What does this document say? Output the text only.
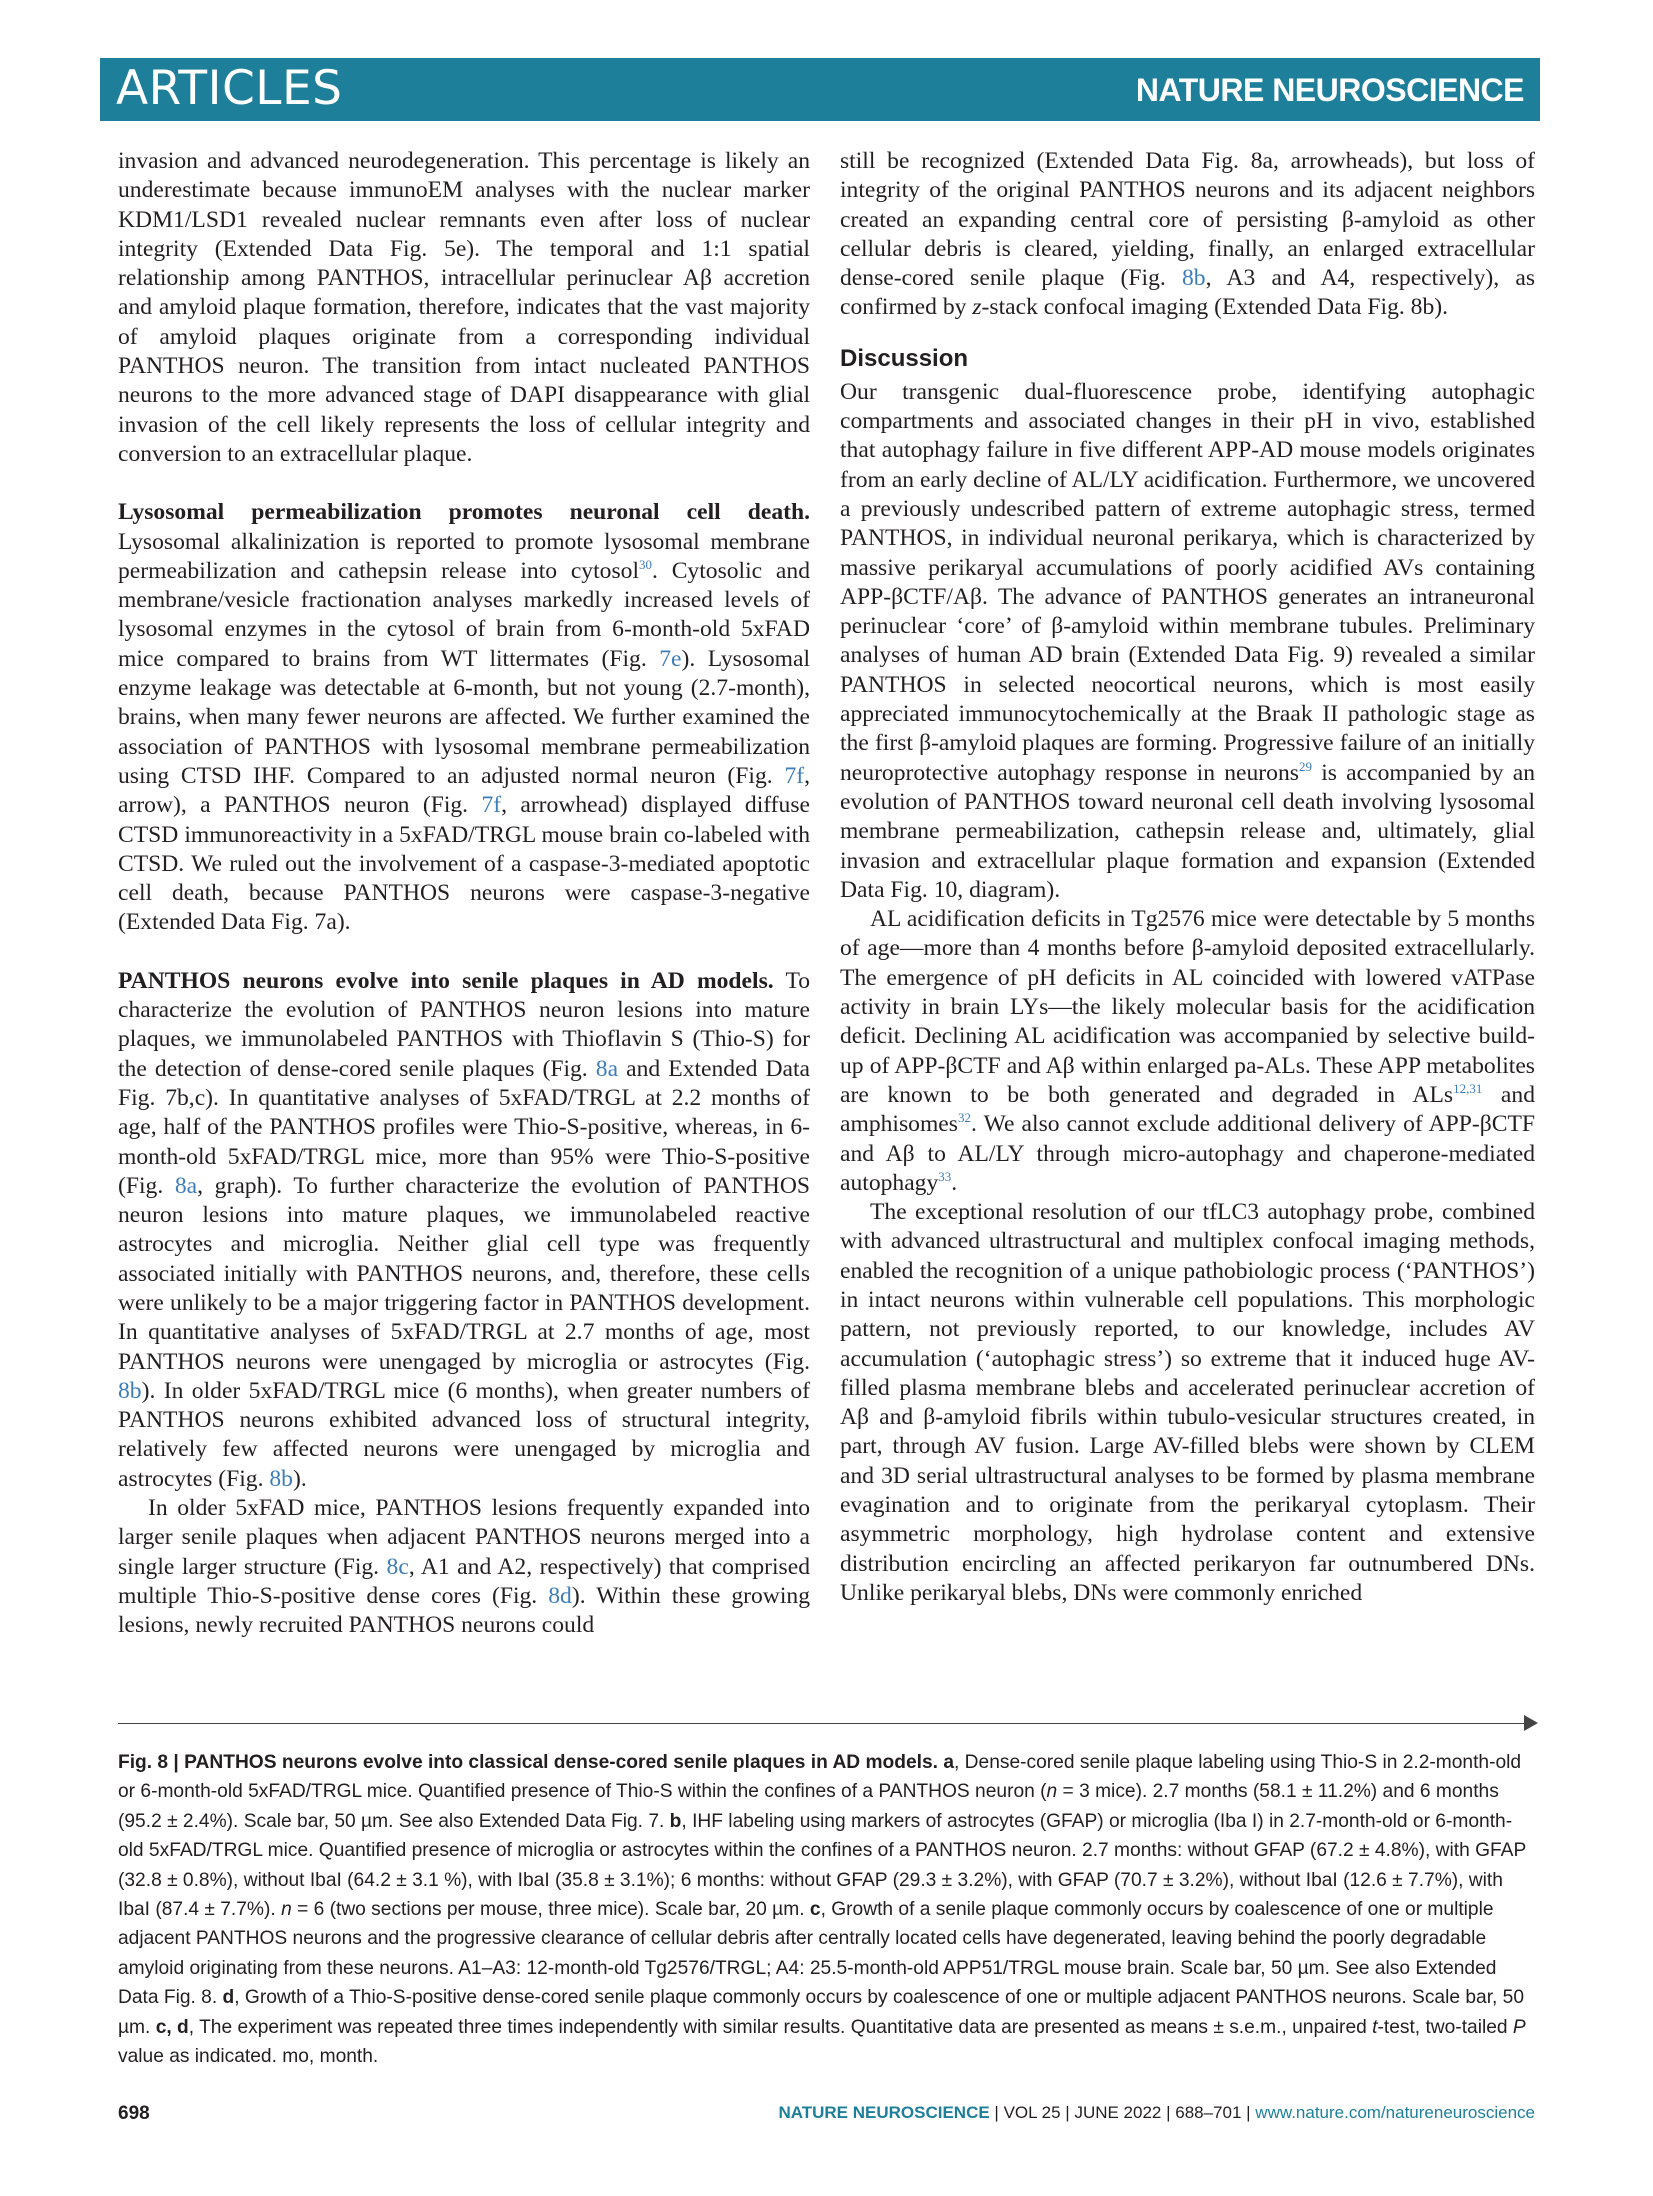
ARTICLES	NATURE NEUROSCIENCE

invasion and advanced neurodegeneration. This percentage is likely an underestimate because immunoEM analyses with the nuclear marker KDM1/LSD1 revealed nuclear remnants even after loss of nuclear integrity (Extended Data Fig. 5e). The temporal and 1:1 spatial relationship among PANTHOS, intracellular perinuclear Aβ accretion and amyloid plaque formation, therefore, indicates that the vast majority of amyloid plaques originate from a corresponding individual PANTHOS neuron. The transition from intact nucleated PANTHOS neurons to the more advanced stage of DAPI disappearance with glial invasion of the cell likely represents the loss of cellular integrity and conversion to an extracellular plaque.

Lysosomal permeabilization promotes neuronal cell death. Lysosomal alkalinization is reported to promote lysosomal membrane permeabilization and cathepsin release into cytosol$^{30}$. Cytosolic and membrane/vesicle fractionation analyses markedly increased levels of lysosomal enzymes in the cytosol of brain from 6-month-old 5xFAD mice compared to brains from WT littermates (Fig. 7e). Lysosomal enzyme leakage was detectable at 6-month, but not young (2.7-month), brains, when many fewer neurons are affected. We further examined the association of PANTHOS with lysosomal membrane permeabilization using CTSD IHF. Compared to an adjusted normal neuron (Fig. 7f, arrow), a PANTHOS neuron (Fig. 7f, arrowhead) displayed diffuse CTSD immunoreactivity in a 5xFAD/TRGL mouse brain co-labeled with CTSD. We ruled out the involvement of a caspase-3-mediated apoptotic cell death, because PANTHOS neurons were caspase-3-negative (Extended Data Fig. 7a).

PANTHOS neurons evolve into senile plaques in AD models. To characterize the evolution of PANTHOS neuron lesions into mature plaques, we immunolabeled PANTHOS with Thioflavin S (Thio-S) for the detection of dense-cored senile plaques (Fig. 8a and Extended Data Fig. 7b,c). In quantitative analyses of 5xFAD/TRGL at 2.2 months of age, half of the PANTHOS profiles were Thio-S-positive, whereas, in 6-month-old 5xFAD/TRGL mice, more than 95% were Thio-S-positive (Fig. 8a, graph). To further characterize the evolution of PANTHOS neuron lesions into mature plaques, we immunolabeled reactive astrocytes and microglia. Neither glial cell type was frequently associated initially with PANTHOS neurons, and, therefore, these cells were unlikely to be a major triggering factor in PANTHOS development. In quantitative analyses of 5xFAD/TRGL at 2.7 months of age, most PANTHOS neurons were unengaged by microglia or astrocytes (Fig. 8b). In older 5xFAD/TRGL mice (6 months), when greater numbers of PANTHOS neurons exhibited advanced loss of structural integrity, relatively few affected neurons were unengaged by microglia and astrocytes (Fig. 8b).

In older 5xFAD mice, PANTHOS lesions frequently expanded into larger senile plaques when adjacent PANTHOS neurons merged into a single larger structure (Fig. 8c, A1 and A2, respectively) that comprised multiple Thio-S-positive dense cores (Fig. 8d). Within these growing lesions, newly recruited PANTHOS neurons could

still be recognized (Extended Data Fig. 8a, arrowheads), but loss of integrity of the original PANTHOS neurons and its adjacent neighbors created an expanding central core of persisting β-amyloid as other cellular debris is cleared, yielding, finally, an enlarged extracellular dense-cored senile plaque (Fig. 8b, A3 and A4, respectively), as confirmed by z-stack confocal imaging (Extended Data Fig. 8b).

Discussion

Our transgenic dual-fluorescence probe, identifying autophagic compartments and associated changes in their pH in vivo, established that autophagy failure in five different APP-AD mouse models originates from an early decline of AL/LY acidification. Furthermore, we uncovered a previously undescribed pattern of extreme autophagic stress, termed PANTHOS, in individual neuronal perikarya, which is characterized by massive perikaryal accumulations of poorly acidified AVs containing APP-βCTF/Aβ. The advance of PANTHOS generates an intraneuronal perinuclear ‘core’ of β-amyloid within membrane tubules. Preliminary analyses of human AD brain (Extended Data Fig. 9) revealed a similar PANTHOS in selected neocortical neurons, which is most easily appreciated immunocytochemically at the Braak II pathologic stage as the first β-amyloid plaques are forming. Progressive failure of an initially neuroprotective autophagy response in neurons$^{29}$ is accompanied by an evolution of PANTHOS toward neuronal cell death involving lysosomal membrane permeabilization, cathepsin release and, ultimately, glial invasion and extracellular plaque formation and expansion (Extended Data Fig. 10, diagram).

AL acidification deficits in Tg2576 mice were detectable by 5 months of age—more than 4 months before β-amyloid deposited extracellularly. The emergence of pH deficits in AL coincided with lowered vATPase activity in brain LYs—the likely molecular basis for the acidification deficit. Declining AL acidification was accompanied by selective build-up of APP-βCTF and Aβ within enlarged pa-ALs. These APP metabolites are known to be both generated and degraded in ALs$^{12,31}$ and amphisomes$^{32}$. We also cannot exclude additional delivery of APP-βCTF and Aβ to AL/LY through micro-autophagy and chaperone-mediated autophagy$^{33}$.

The exceptional resolution of our tfLC3 autophagy probe, combined with advanced ultrastructural and multiplex confocal imaging methods, enabled the recognition of a unique pathobiologic process (‘PANTHOS’) in intact neurons within vulnerable cell populations. This morphologic pattern, not previously reported, to our knowledge, includes AV accumulation (‘autophagic stress’) so extreme that it induced huge AV-filled plasma membrane blebs and accelerated perinuclear accretion of Aβ and β-amyloid fibrils within tubulo-vesicular structures created, in part, through AV fusion. Large AV-filled blebs were shown by CLEM and 3D serial ultrastructural analyses to be formed by plasma membrane evagination and to originate from the perikaryal cytoplasm. Their asymmetric morphology, high hydrolase content and extensive distribution encircling an affected perikaryon far outnumbered DNs. Unlike perikaryal blebs, DNs were commonly enriched

Fig. 8 | PANTHOS neurons evolve into classical dense-cored senile plaques in AD models. a, Dense-cored senile plaque labeling using Thio-S in 2.2-month-old or 6-month-old 5xFAD/TRGL mice. Quantified presence of Thio-S within the confines of a PANTHOS neuron (n = 3 mice). 2.7 months (58.1 ± 11.2%) and 6 months (95.2 ± 2.4%). Scale bar, 50 µm. See also Extended Data Fig. 7. b, IHF labeling using markers of astrocytes (GFAP) or microglia (Iba I) in 2.7-month-old or 6-month-old 5xFAD/TRGL mice. Quantified presence of microglia or astrocytes within the confines of a PANTHOS neuron. 2.7 months: without GFAP (67.2 ± 4.8%), with GFAP (32.8 ± 0.8%), without IbaI (64.2 ± 3.1 %), with IbaI (35.8 ± 3.1%); 6 months: without GFAP (29.3 ± 3.2%), with GFAP (70.7 ± 3.2%), without IbaI (12.6 ± 7.7%), with IbaI (87.4 ± 7.7%). n = 6 (two sections per mouse, three mice). Scale bar, 20 µm. c, Growth of a senile plaque commonly occurs by coalescence of one or multiple adjacent PANTHOS neurons and the progressive clearance of cellular debris after centrally located cells have degenerated, leaving behind the poorly degradable amyloid originating from these neurons. A1–A3: 12-month-old Tg2576/TRGL; A4: 25.5-month-old APP51/TRGL mouse brain. Scale bar, 50 µm. See also Extended Data Fig. 8. d, Growth of a Thio-S-positive dense-cored senile plaque commonly occurs by coalescence of one or multiple adjacent PANTHOS neurons. Scale bar, 50 µm. c, d, The experiment was repeated three times independently with similar results. Quantitative data are presented as means ± s.e.m., unpaired t-test, two-tailed P value as indicated. mo, month.
698	NATURE NEUROSCIENCE | VOL 25 | JUNE 2022 | 688–701 | www.nature.com/natureneuroscience
